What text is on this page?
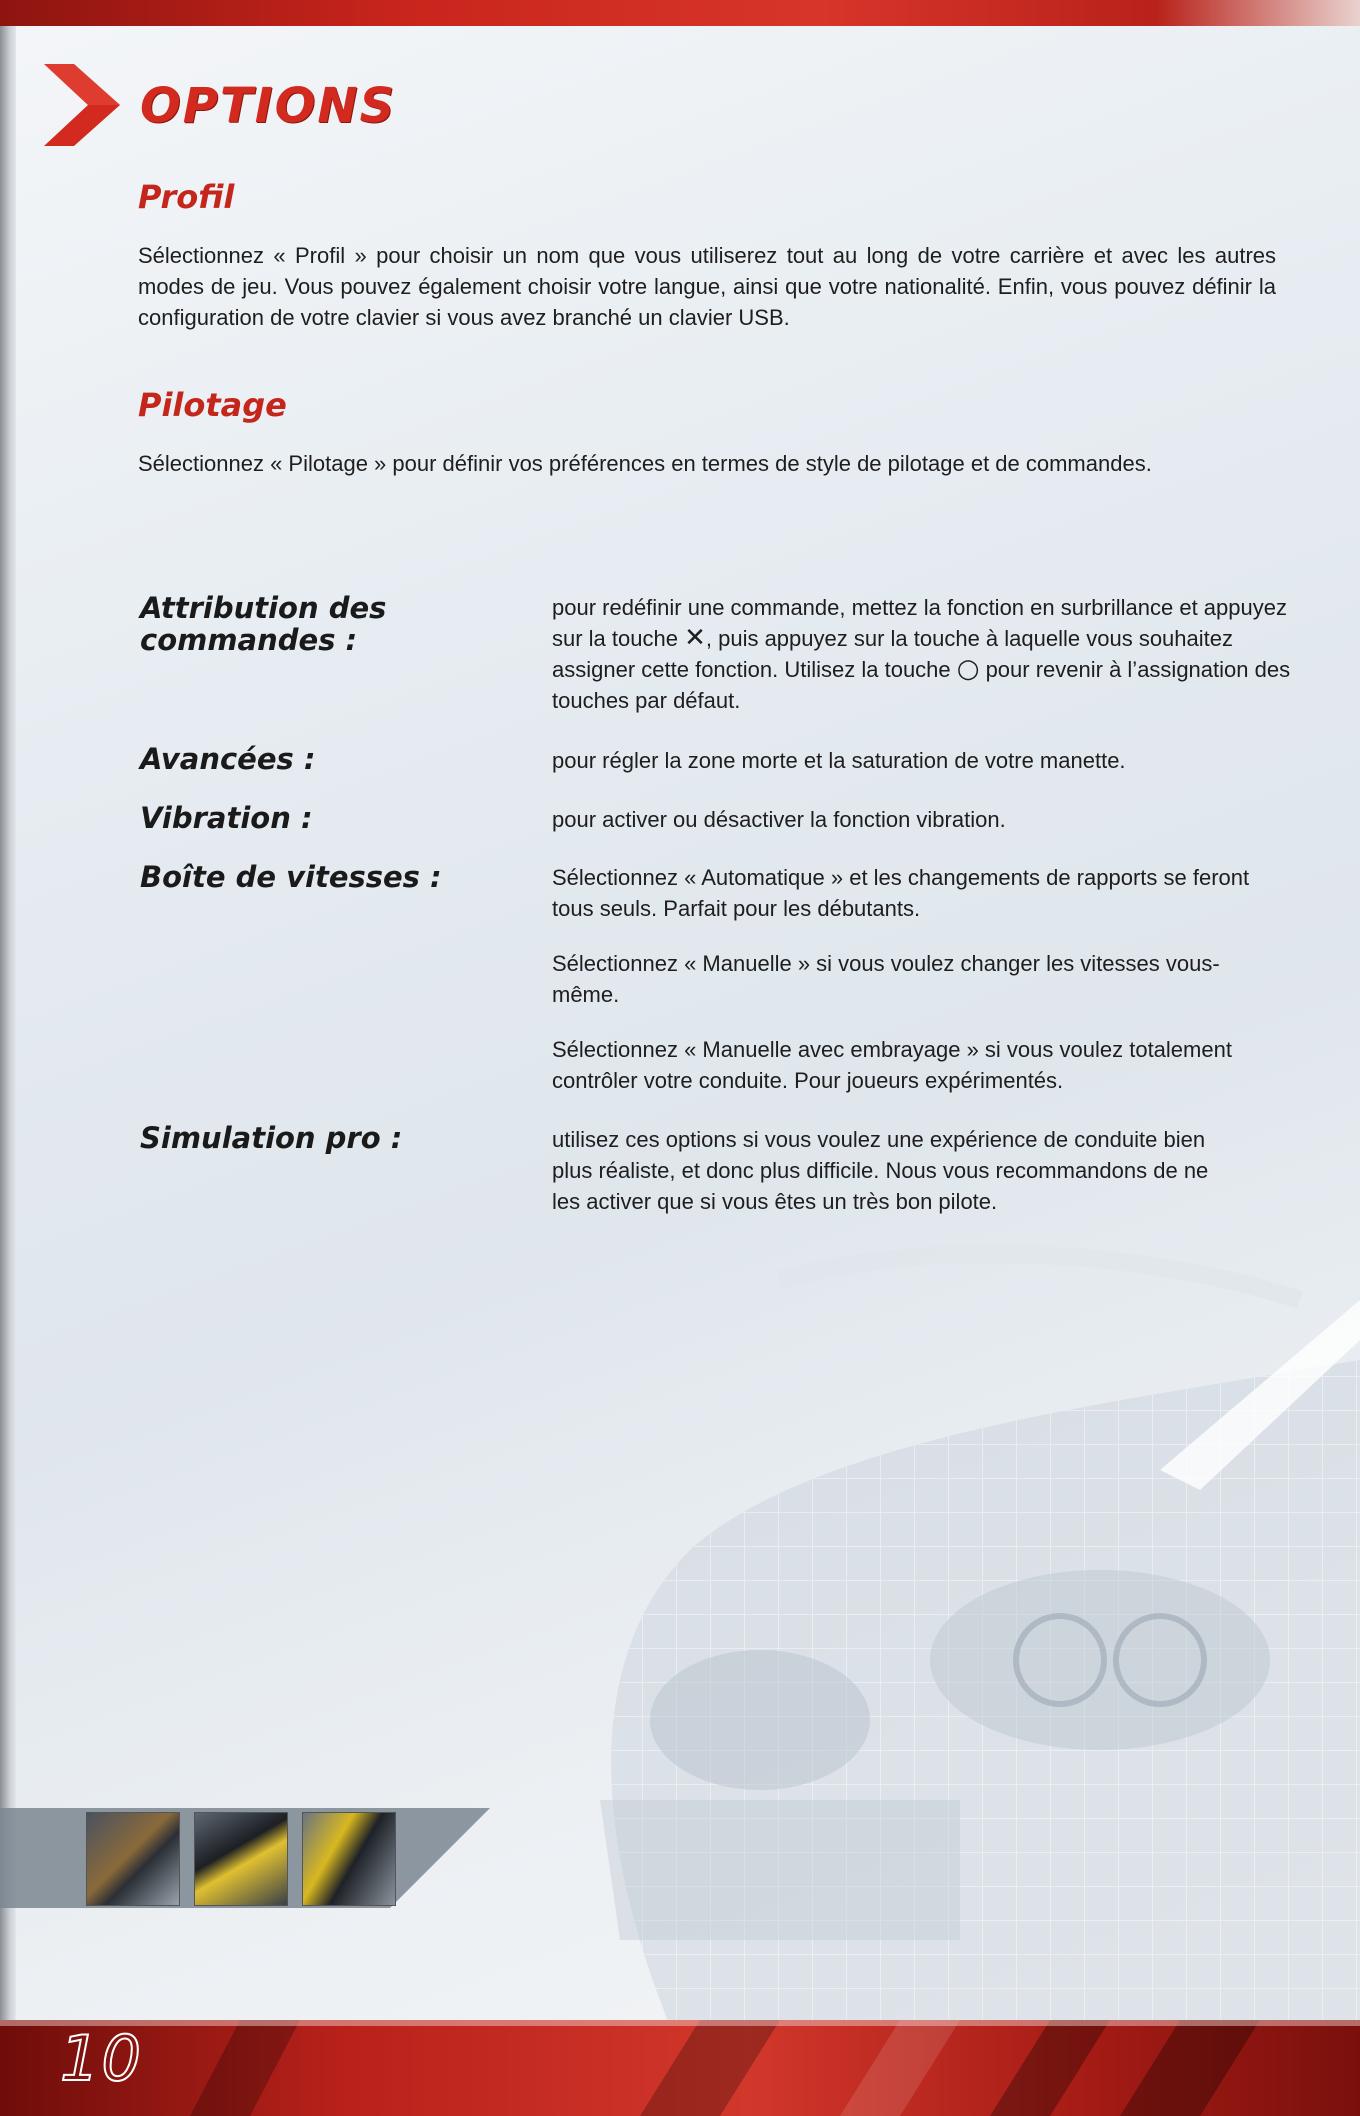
OPTIONS
Profil

Sélectionnez « Profil » pour choisir un nom que vous utiliserez tout au long de votre carrière et avec les autres modes de jeu. Vous pouvez également choisir votre langue, ainsi que votre nationalité. Enfin, vous pouvez définir la configuration de votre clavier si vous avez branché un clavier USB.

Pilotage

Sélectionnez « Pilotage » pour définir vos préférences en termes de style de pilotage et de commandes.

Attribution des commandes :

pour redéfinir une commande, mettez la fonction en surbrillance et appuyez sur la touche ✕, puis appuyez sur la touche à laquelle vous souhaitez assigner cette fonction. Utilisez la touche ○ pour revenir à l’assignation des touches par défaut.

Avancées :	pour régler la zone morte et la saturation de votre manette.

Vibration :	pour activer ou désactiver la fonction vibration.

Boîte de vitesses :	Sélectionnez « Automatique » et les changements de rapports se feront tous seuls. Parfait pour les débutants.

Sélectionnez « Manuelle » si vous voulez changer les vitesses vous-même.

Sélectionnez « Manuelle avec embrayage » si vous voulez totalement contrôler votre conduite. Pour joueurs expérimentés.

Simulation pro :	utilisez ces options si vous voulez une expérience de conduite bien plus réaliste, et donc plus difficile. Nous vous recommandons de ne les activer que si vous êtes un très bon pilote.

10
